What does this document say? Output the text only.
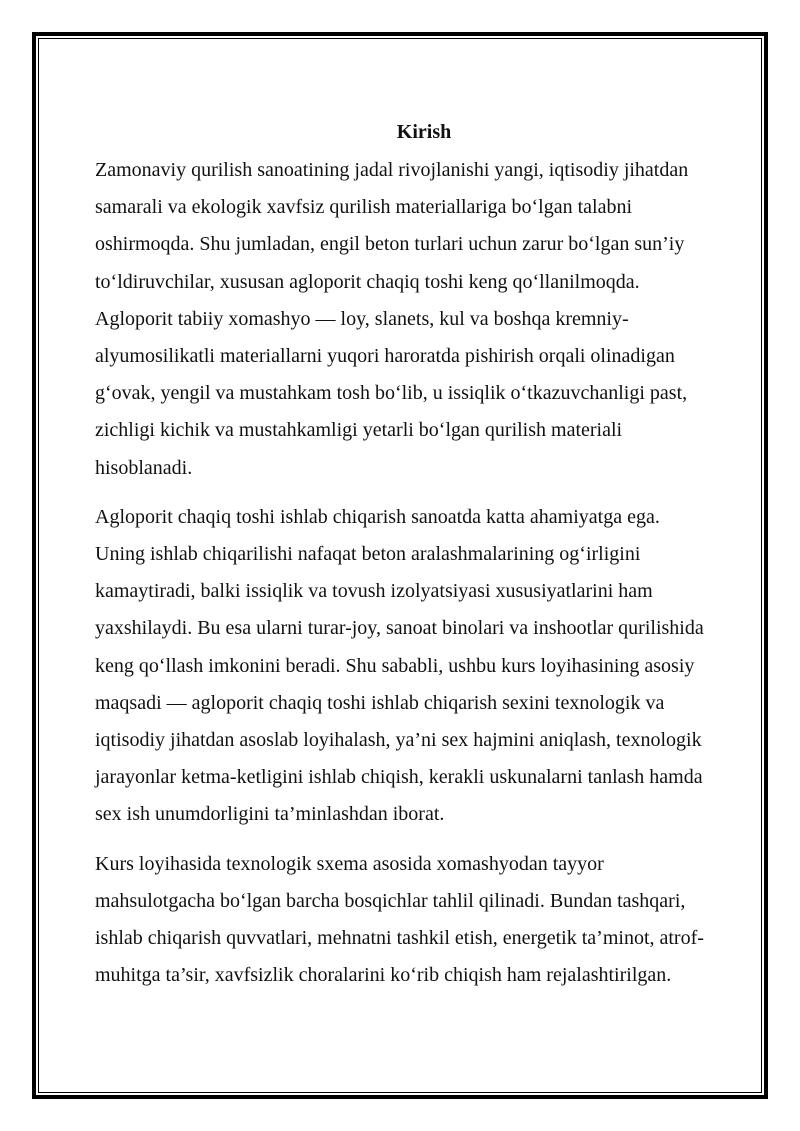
Kirish
Zamonaviy qurilish sanoatining jadal rivojlanishi yangi, iqtisodiy jihatdan
samarali va ekologik xavfsiz qurilish materiallariga bo‘lgan talabni
oshirmoqda. Shu jumladan, engil beton turlari uchun zarur bo‘lgan sun’iy
to‘ldiruvchilar, xususan agloporit chaqiq toshi keng qo‘llanilmoqda.
Agloporit tabiiy xomashyo — loy, slanets, kul va boshqa kremniy-
alyumosilikatli materiallarni yuqori haroratda pishirish orqali olinadigan
g‘ovak, yengil va mustahkam tosh bo‘lib, u issiqlik o‘tkazuvchanligi past,
zichligi kichik va mustahkamligi yetarli bo‘lgan qurilish materiali
hisoblanadi.
Agloporit chaqiq toshi ishlab chiqarish sanoatda katta ahamiyatga ega.
Uning ishlab chiqarilishi nafaqat beton aralashmalarining og‘irligini
kamaytiradi, balki issiqlik va tovush izolyatsiyasi xususiyatlarini ham
yaxshilaydi. Bu esa ularni turar-joy, sanoat binolari va inshootlar qurilishida
keng qo‘llash imkonini beradi. Shu sababli, ushbu kurs loyihasining asosiy
maqsadi — agloporit chaqiq toshi ishlab chiqarish sexini texnologik va
iqtisodiy jihatdan asoslab loyihalash, ya’ni sex hajmini aniqlash, texnologik
jarayonlar ketma-ketligini ishlab chiqish, kerakli uskunalarni tanlash hamda
sex ish unumdorligini ta’minlashdan iborat.
Kurs loyihasida texnologik sxema asosida xomashyodan tayyor
mahsulotgacha bo‘lgan barcha bosqichlar tahlil qilinadi. Bundan tashqari,
ishlab chiqarish quvvatlari, mehnatni tashkil etish, energetik ta’minot, atrof-
muhitga ta’sir, xavfsizlik choralarini ko‘rib chiqish ham rejalashtirilgan.
